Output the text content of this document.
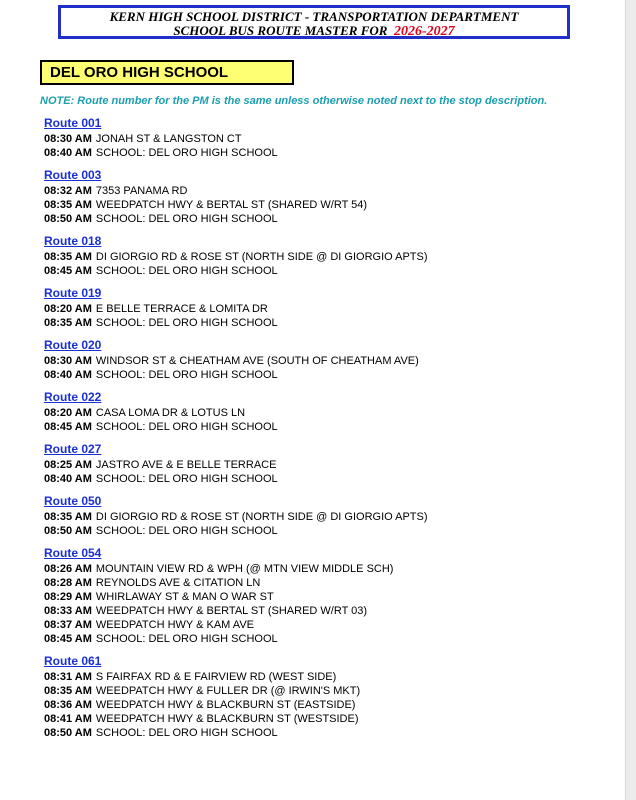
KERN HIGH SCHOOL DISTRICT - TRANSPORTATION DEPARTMENT
SCHOOL BUS ROUTE MASTER FOR 2026-2027
DEL ORO HIGH SCHOOL
NOTE: Route number for the PM is the same unless otherwise noted next to the stop description.
Route 001
08:30 AM JONAH ST & LANGSTON CT
08:40 AM SCHOOL: DEL ORO HIGH SCHOOL
Route 003
08:32 AM 7353 PANAMA RD
08:35 AM WEEDPATCH HWY & BERTAL ST (SHARED W/RT 54)
08:50 AM SCHOOL: DEL ORO HIGH SCHOOL
Route 018
08:35 AM DI GIORGIO RD & ROSE ST (NORTH SIDE @ DI GIORGIO APTS)
08:45 AM SCHOOL: DEL ORO HIGH SCHOOL
Route 019
08:20 AM E BELLE TERRACE & LOMITA DR
08:35 AM SCHOOL: DEL ORO HIGH SCHOOL
Route 020
08:30 AM WINDSOR ST & CHEATHAM AVE (SOUTH OF CHEATHAM AVE)
08:40 AM SCHOOL: DEL ORO HIGH SCHOOL
Route 022
08:20 AM CASA LOMA DR & LOTUS LN
08:45 AM SCHOOL: DEL ORO HIGH SCHOOL
Route 027
08:25 AM JASTRO AVE & E BELLE TERRACE
08:40 AM SCHOOL: DEL ORO HIGH SCHOOL
Route 050
08:35 AM DI GIORGIO RD & ROSE ST (NORTH SIDE @ DI GIORGIO APTS)
08:50 AM SCHOOL: DEL ORO HIGH SCHOOL
Route 054
08:26 AM MOUNTAIN VIEW RD & WPH (@ MTN VIEW MIDDLE SCH)
08:28 AM REYNOLDS AVE & CITATION LN
08:29 AM WHIRLAWAY ST & MAN O WAR ST
08:33 AM WEEDPATCH HWY & BERTAL ST (SHARED W/RT 03)
08:37 AM WEEDPATCH HWY & KAM AVE
08:45 AM SCHOOL: DEL ORO HIGH SCHOOL
Route 061
08:31 AM S FAIRFAX RD & E FAIRVIEW RD (WEST SIDE)
08:35 AM WEEDPATCH HWY & FULLER DR (@ IRWIN'S MKT)
08:36 AM WEEDPATCH HWY & BLACKBURN ST (EASTSIDE)
08:41 AM WEEDPATCH HWY & BLACKBURN ST (WESTSIDE)
08:50 AM SCHOOL: DEL ORO HIGH SCHOOL
